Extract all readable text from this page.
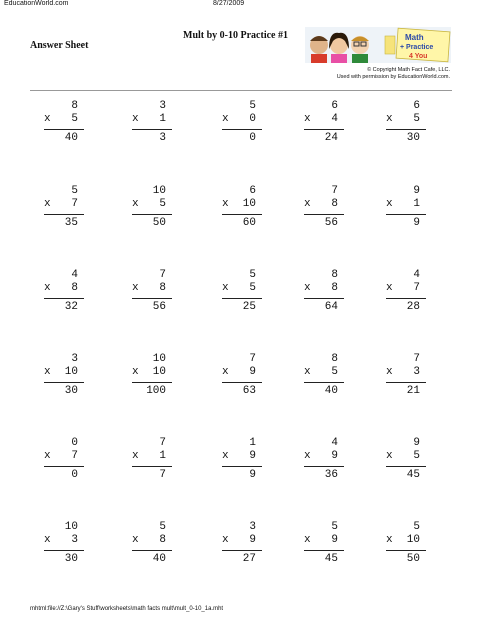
EducationWorld.com	8/27/2009
Mult by 0-10 Practice #1
Answer Sheet
Math
+ Practice
4 You
© Copyright Math Fact Cafe, LLC.
Used with permission by EducationWorld.com.
8
x 5
40
3
x 1
3
5
x 0
0
6
x 4
24
6
x 5
30
5
x 7
35
10
x 5
50
6
x 10
60
7
x 8
56
9
x 1
9
4
x 8
32
7
x 8
56
5
x 5
25
8
x 8
64
4
x 7
28
3
x 10
30
10
x 10
100
7
x 9
63
8
x 5
40
7
x 3
21
0
x 7
0
7
x 1
7
1
x 9
9
4
x 9
36
9
x 5
45
10
x 3
30
5
x 8
40
3
x 9
27
5
x 9
45
5
x 10
50
mhtml:file://Z:\Gary's Stuff\worksheets\math facts mult\mult_0-10_1a.mht
